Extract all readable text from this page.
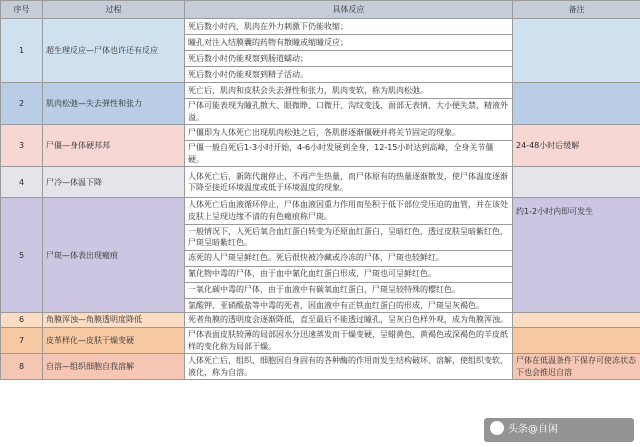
序号	过程	具体反应	备注
1	超生理反应—尸体也许还有反应	死后数小时内，肌肉在外力刺激下仍能收缩；	
		瞳孔对注入结膜囊的药物有散瞳或缩瞳反应；	
		死后数小时仍能观察到肠道蠕动；	
		死后数小时仍能观察到精子活动。	
2	肌肉松弛—失去弹性和张力	死亡后，肌肉和皮肤会失去弹性和张力，肌肉变软，称为肌肉松弛。	
		尸体可能表现为瞳孔散大、眼微睁、口微开、沟纹变浅、面部无表情、大小便失禁、精液外溢。	
3	尸僵—身体硬邦邦	尸僵即为人体死亡出现肌肉松弛之后，各肌群逐渐僵硬并将关节固定的现象。	24-48小时后缓解
		尸僵一般自死后1-3小时开始，4-6小时发展到全身，12-15小时达到高峰，全身关节僵硬。	
4	尸冷—体温下降	人体死亡后，新陈代谢停止，不再产生热量，而尸体原有的热量逐渐散发，使尸体温度逐渐下降至接近环境温度或低于环境温度的现象。	
5	尸斑—体表出现瘢痕	人体死亡后血液循环停止，尸体血液因重力作用而坠积于低下部位受压迫的血管，并在该处皮肤上呈现边缘不清的有色瘢痕称尸斑。	约1-2小时内即可发生
		一般情况下，人死后氧合血红蛋白转变为还原血红蛋白，呈暗红色，透过皮肤呈暗紫红色，尸斑呈暗紫红色。	
		冻死的人尸斑呈鲜红色。死后很快被冷藏或冷冻的尸体，尸斑也较鲜红。	
		氰化物中毒的尸体，由于血中氰化血红蛋白形成，尸斑也可呈鲜红色。	
		一氧化碳中毒的尸体，由于血液中有碳氧血红蛋白，尸斑呈较特殊的樱红色。	
		氯酸钾、亚硝酸盐等中毒的死者，因血液中有正铁血红蛋白的形成，尸斑呈灰褐色。	
6	角膜浑浊—角膜透明度降低	死者角膜的透明度会逐渐降低，直至最后不能透过瞳孔，呈灰白色样外观，成为角膜浑浊。	
7	皮革样化—皮肤干燥变硬	尸体表面皮肤较薄的局部因水分迅速蒸发而干燥变硬，呈蜡黄色、黄褐色或深褐色的羊皮纸样的变化称为局部干燥。	
8	自溶—组织细胞自我溶解	人体死亡后，组织、细胞因自身固有的各种酶的作用而发生结构破坏、溶解，使组织变软、液化，称为自溶。	尸体在低温条件下保存可使冻状态下也会推迟自溶
头条@自闲
